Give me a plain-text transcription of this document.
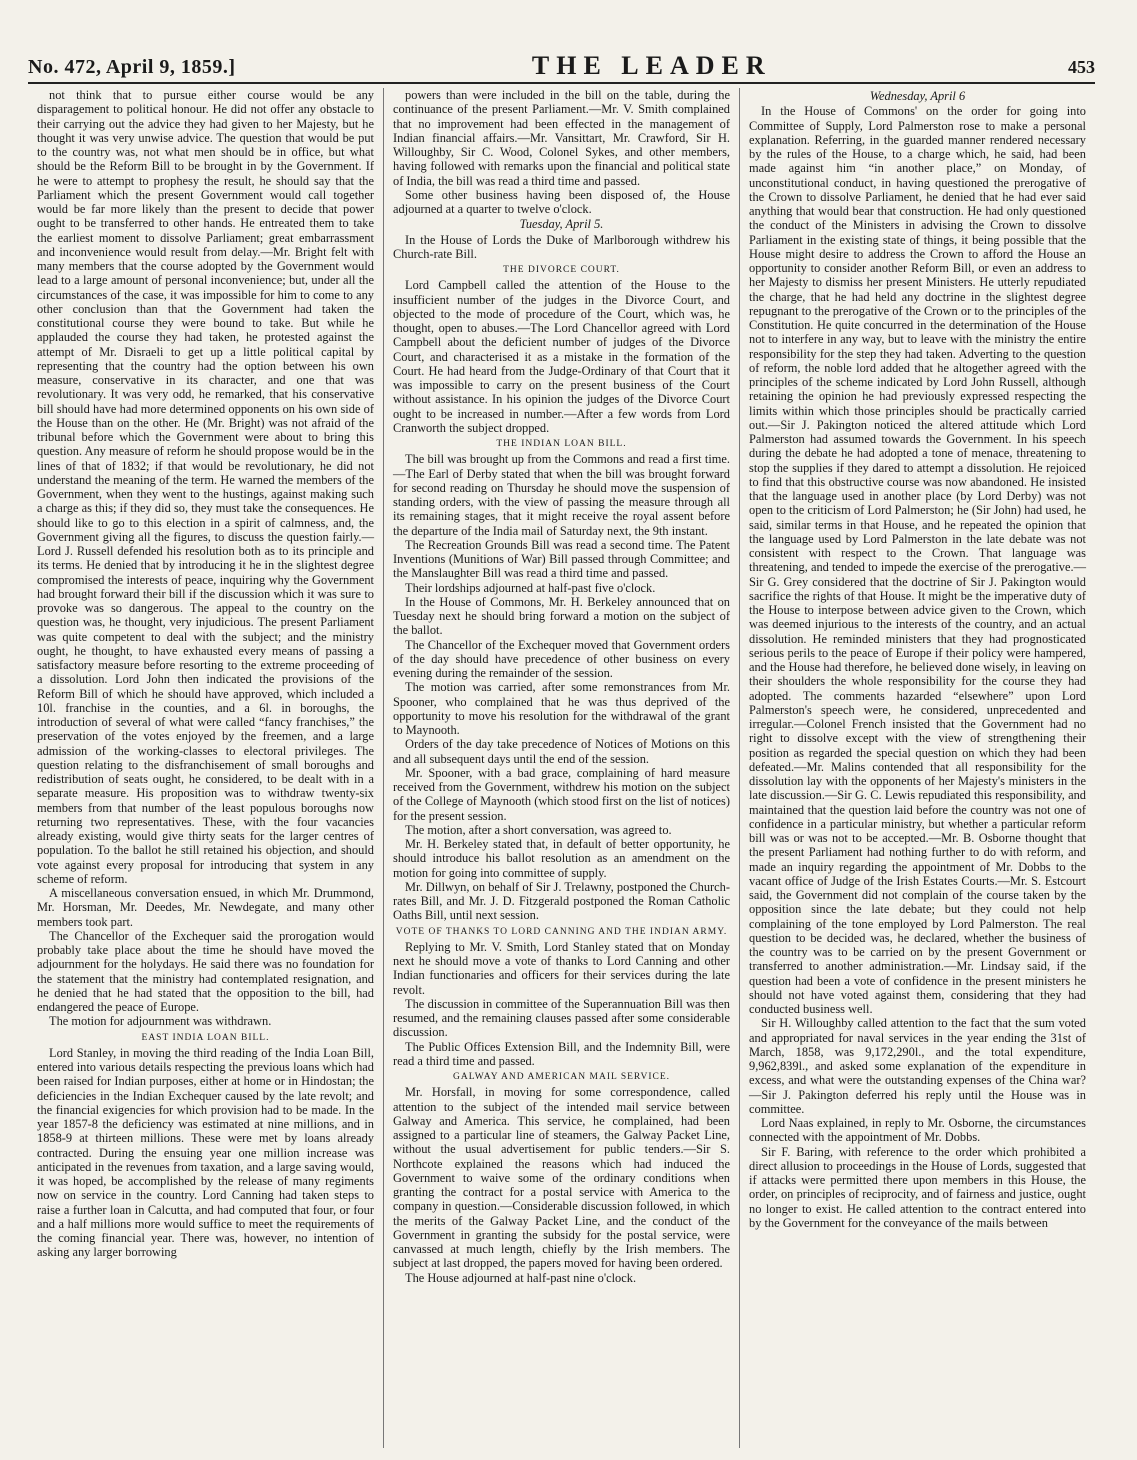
No. 472, April 9, 1859.]	THE LEADER	453

not think that to pursue either course would be any disparagement to political honour. He did not offer any obstacle to their carrying out the advice they had given to her Majesty, but he thought it was very unwise advice. The question that would be put to the country was, not what men should be in office, but what should be the Reform Bill to be brought in by the Government. If he were to attempt to prophesy the result, he should say that the Parliament which the present Government would call together would be far more likely than the present to decide that power ought to be transferred to other hands. He entreated them to take the earliest moment to dissolve Parliament; great embarrassment and inconvenience would result from delay.—Mr. Bright felt with many members that the course adopted by the Government would lead to a large amount of personal inconvenience; but, under all the circumstances of the case, it was impossible for him to come to any other conclusion than that the Government had taken the constitutional course they were bound to take. But while he applauded the course they had taken, he protested against the attempt of Mr. Disraeli to get up a little political capital by representing that the country had the option between his own measure, conservative in its character, and one that was revolutionary. It was very odd, he remarked, that his conservative bill should have had more determined opponents on his own side of the House than on the other. He (Mr. Bright) was not afraid of the tribunal before which the Government were about to bring this question. Any measure of reform he should propose would be in the lines of that of 1832; if that would be revolutionary, he did not understand the meaning of the term. He warned the members of the Government, when they went to the hustings, against making such a charge as this; if they did so, they must take the consequences. He should like to go to this election in a spirit of calmness, and, the Government giving all the figures, to discuss the question fairly.—Lord J. Russell defended his resolution both as to its principle and its terms. He denied that by introducing it he in the slightest degree compromised the interests of peace, inquiring why the Government had brought forward their bill if the discussion which it was sure to provoke was so dangerous. The appeal to the country on the question was, he thought, very injudicious. The present Parliament was quite competent to deal with the subject; and the ministry ought, he thought, to have exhausted every means of passing a satisfactory measure before resorting to the extreme proceeding of a dissolution. Lord John then indicated the provisions of the Reform Bill of which he should have approved, which included a 10l. franchise in the counties, and a 6l. in boroughs, the introduction of several of what were called “fancy franchises,” the preservation of the votes enjoyed by the freemen, and a large admission of the working-classes to electoral privileges. The question relating to the disfranchisement of small boroughs and redistribution of seats ought, he considered, to be dealt with in a separate measure. His proposition was to withdraw twenty-six members from that number of the least populous boroughs now returning two representatives. These, with the four vacancies already existing, would give thirty seats for the larger centres of population. To the ballot he still retained his objection, and should vote against every proposal for introducing that system in any scheme of reform.

A miscellaneous conversation ensued, in which Mr. Drummond, Mr. Horsman, Mr. Deedes, Mr. Newdegate, and many other members took part.

The Chancellor of the Exchequer said the prorogation would probably take place about the time he should have moved the adjournment for the holydays. He said there was no foundation for the statement that the ministry had contemplated resignation, and he denied that he had stated that the opposition to the bill, had endangered the peace of Europe.

The motion for adjournment was withdrawn.

EAST INDIA LOAN BILL.

Lord Stanley, in moving the third reading of the India Loan Bill, entered into various details respecting the previous loans which had been raised for Indian purposes, either at home or in Hindostan; the deficiencies in the Indian Exchequer caused by the late revolt; and the financial exigencies for which provision had to be made. In the year 1857-8 the deficiency was estimated at nine millions, and in 1858-9 at thirteen millions. These were met by loans already contracted. During the ensuing year one million increase was anticipated in the revenues from taxation, and a large saving would, it was hoped, be accomplished by the release of many regiments now on service in the country. Lord Canning had taken steps to raise a further loan in Calcutta, and had computed that four, or four and a half millions more would suffice to meet the requirements of the coming financial year. There was, however, no intention of asking any larger borrowing

powers than were included in the bill on the table, during the continuance of the present Parliament.—Mr. V. Smith complained that no improvement had been effected in the management of Indian financial affairs.—Mr. Vansittart, Mr. Crawford, Sir H. Willoughby, Sir C. Wood, Colonel Sykes, and other members, having followed with remarks upon the financial and political state of India, the bill was read a third time and passed.

Some other business having been disposed of, the House adjourned at a quarter to twelve o'clock.

Tuesday, April 5.

In the House of Lords the Duke of Marlborough withdrew his Church-rate Bill.

THE DIVORCE COURT.

Lord Campbell called the attention of the House to the insufficient number of the judges in the Divorce Court, and objected to the mode of procedure of the Court, which was, he thought, open to abuses.—The Lord Chancellor agreed with Lord Campbell about the deficient number of judges of the Divorce Court, and characterised it as a mistake in the formation of the Court. He had heard from the Judge-Ordinary of that Court that it was impossible to carry on the present business of the Court without assistance. In his opinion the judges of the Divorce Court ought to be increased in number.—After a few words from Lord Cranworth the subject dropped.

THE INDIAN LOAN BILL.

The bill was brought up from the Commons and read a first time.—The Earl of Derby stated that when the bill was brought forward for second reading on Thursday he should move the suspension of standing orders, with the view of passing the measure through all its remaining stages, that it might receive the royal assent before the departure of the India mail of Saturday next, the 9th instant.

The Recreation Grounds Bill was read a second time. The Patent Inventions (Munitions of War) Bill passed through Committee; and the Manslaughter Bill was read a third time and passed.

Their lordships adjourned at half-past five o'clock.

In the House of Commons, Mr. H. Berkeley announced that on Tuesday next he should bring forward a motion on the subject of the ballot.

The Chancellor of the Exchequer moved that Government orders of the day should have precedence of other business on every evening during the remainder of the session.

The motion was carried, after some remonstrances from Mr. Spooner, who complained that he was thus deprived of the opportunity to move his resolution for the withdrawal of the grant to Maynooth.

Orders of the day take precedence of Notices of Motions on this and all subsequent days until the end of the session.

Mr. Spooner, with a bad grace, complaining of hard measure received from the Government, withdrew his motion on the subject of the College of Maynooth (which stood first on the list of notices) for the present session.

The motion, after a short conversation, was agreed to.

Mr. H. Berkeley stated that, in default of better opportunity, he should introduce his ballot resolution as an amendment on the motion for going into committee of supply.

Mr. Dillwyn, on behalf of Sir J. Trelawny, postponed the Church-rates Bill, and Mr. J. D. Fitzgerald postponed the Roman Catholic Oaths Bill, until next session.

VOTE OF THANKS TO LORD CANNING AND THE INDIAN ARMY.

Replying to Mr. V. Smith, Lord Stanley stated that on Monday next he should move a vote of thanks to Lord Canning and other Indian functionaries and officers for their services during the late revolt.

The discussion in committee of the Superannuation Bill was then resumed, and the remaining clauses passed after some considerable discussion.

The Public Offices Extension Bill, and the Indemnity Bill, were read a third time and passed.

GALWAY AND AMERICAN MAIL SERVICE.

Mr. Horsfall, in moving for some correspondence, called attention to the subject of the intended mail service between Galway and America. This service, he complained, had been assigned to a particular line of steamers, the Galway Packet Line, without the usual advertisement for public tenders.—Sir S. Northcote explained the reasons which had induced the Government to waive some of the ordinary conditions when granting the contract for a postal service with America to the company in question.—Considerable discussion followed, in which the merits of the Galway Packet Line, and the conduct of the Government in granting the subsidy for the postal service, were canvassed at much length, chiefly by the Irish members. The subject at last dropped, the papers moved for having been ordered.

The House adjourned at half-past nine o'clock.

Wednesday, April 6

In the House of Commons' on the order for going into Committee of Supply, Lord Palmerston rose to make a personal explanation. Referring, in the guarded manner rendered necessary by the rules of the House, to a charge which, he said, had been made against him “in another place,” on Monday, of unconstitutional conduct, in having questioned the prerogative of the Crown to dissolve Parliament, he denied that he had ever said anything that would bear that construction. He had only questioned the conduct of the Ministers in advising the Crown to dissolve Parliament in the existing state of things, it being possible that the House might desire to address the Crown to afford the House an opportunity to consider another Reform Bill, or even an address to her Majesty to dismiss her present Ministers. He utterly repudiated the charge, that he had held any doctrine in the slightest degree repugnant to the prerogative of the Crown or to the principles of the Constitution. He quite concurred in the determination of the House not to interfere in any way, but to leave with the ministry the entire responsibility for the step they had taken. Adverting to the question of reform, the noble lord added that he altogether agreed with the principles of the scheme indicated by Lord John Russell, although retaining the opinion he had previously expressed respecting the limits within which those principles should be practically carried out.—Sir J. Pakington noticed the altered attitude which Lord Palmerston had assumed towards the Government. In his speech during the debate he had adopted a tone of menace, threatening to stop the supplies if they dared to attempt a dissolution. He rejoiced to find that this obstructive course was now abandoned. He insisted that the language used in another place (by Lord Derby) was not open to the criticism of Lord Palmerston; he (Sir John) had used, he said, similar terms in that House, and he repeated the opinion that the language used by Lord Palmerston in the late debate was not consistent with respect to the Crown. That language was threatening, and tended to impede the exercise of the prerogative.—Sir G. Grey considered that the doctrine of Sir J. Pakington would sacrifice the rights of that House. It might be the imperative duty of the House to interpose between advice given to the Crown, which was deemed injurious to the interests of the country, and an actual dissolution. He reminded ministers that they had prognosticated serious perils to the peace of Europe if their policy were hampered, and the House had therefore, he believed done wisely, in leaving on their shoulders the whole responsibility for the course they had adopted. The comments hazarded “elsewhere” upon Lord Palmerston's speech were, he considered, unprecedented and irregular.—Colonel French insisted that the Government had no right to dissolve except with the view of strengthening their position as regarded the special question on which they had been defeated.—Mr. Malins contended that all responsibility for the dissolution lay with the opponents of her Majesty's ministers in the late discussion.—Sir G. C. Lewis repudiated this responsibility, and maintained that the question laid before the country was not one of confidence in a particular ministry, but whether a particular reform bill was or was not to be accepted.—Mr. B. Osborne thought that the present Parliament had nothing further to do with reform, and made an inquiry regarding the appointment of Mr. Dobbs to the vacant office of Judge of the Irish Estates Courts.—Mr. S. Estcourt said, the Government did not complain of the course taken by the opposition since the late debate; but they could not help complaining of the tone employed by Lord Palmerston. The real question to be decided was, he declared, whether the business of the country was to be carried on by the present Government or transferred to another administration.—Mr. Lindsay said, if the question had been a vote of confidence in the present ministers he should not have voted against them, considering that they had conducted business well.

Sir H. Willoughby called attention to the fact that the sum voted and appropriated for naval services in the year ending the 31st of March, 1858, was 9,172,290l., and the total expenditure, 9,962,839l., and asked some explanation of the expenditure in excess, and what were the outstanding expenses of the China war?—Sir J. Pakington deferred his reply until the House was in committee.

Lord Naas explained, in reply to Mr. Osborne, the circumstances connected with the appointment of Mr. Dobbs.

Sir F. Baring, with reference to the order which prohibited a direct allusion to proceedings in the House of Lords, suggested that if attacks were permitted there upon members in this House, the order, on principles of reciprocity, and of fairness and justice, ought no longer to exist. He called attention to the contract entered into by the Government for the conveyance of the mails between
